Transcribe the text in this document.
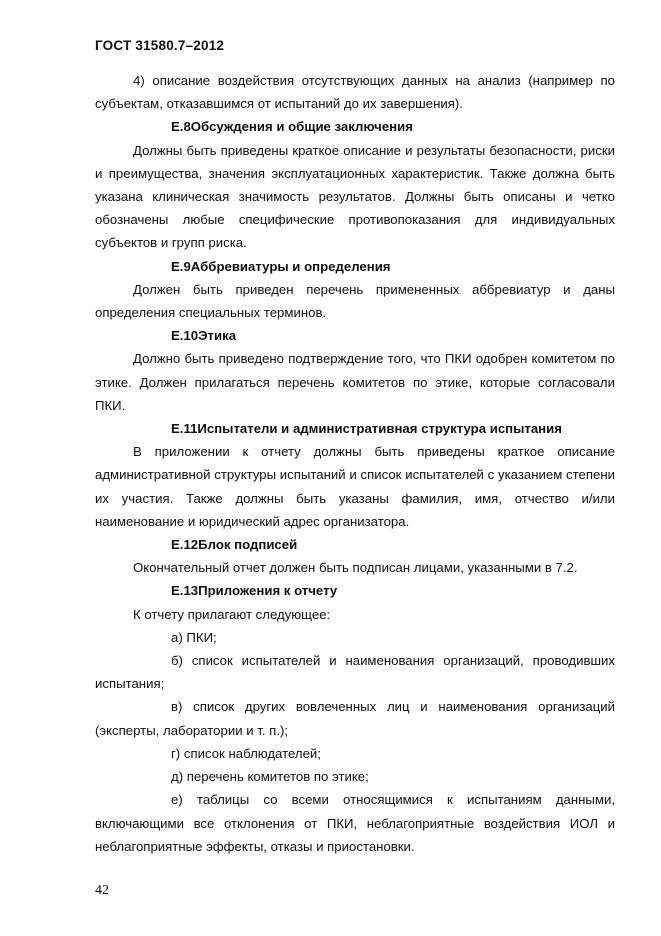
ГОСТ 31580.7–2012

4) описание воздействия отсутствующих данных на анализ (например по субъектам, отказавшимся от испытаний до их завершения).

Е.8Обсуждения и общие заключения

Должны быть приведены краткое описание и результаты безопасности, риски и преимущества, значения эксплуатационных характеристик. Также должна быть указана клиническая значимость результатов. Должны быть описаны и четко обозначены любые специфические противопоказания для индивидуальных субъектов и групп риска.

Е.9Аббревиатуры и определения

Должен быть приведен перечень примененных аббревиатур и даны определения специальных терминов.

Е.10Этика

Должно быть приведено подтверждение того, что ПКИ одобрен комитетом по этике. Должен прилагаться перечень комитетов по этике, которые согласовали ПКИ.

Е.11Испытатели и административная структура испытания

В приложении к отчету должны быть приведены краткое описание административной структуры испытаний и список испытателей с указанием степени их участия. Также должны быть указаны фамилия, имя, отчество и/или наименование и юридический адрес организатора.

Е.12Блок подписей

Окончательный отчет должен быть подписан лицами, указанными в 7.2.

Е.13Приложения к отчету

К отчету прилагают следующее:

а) ПКИ;

б) список испытателей и наименования организаций, проводивших испытания;

в) список других вовлеченных лиц и наименования организаций (эксперты, лаборатории и т. п.);

г) список наблюдателей;

д) перечень комитетов по этике;

е) таблицы со всеми относящимися к испытаниям данными, включающими все отклонения от ПКИ, неблагоприятные воздействия ИОЛ и неблагоприятные эффекты, отказы и приостановки.

42
